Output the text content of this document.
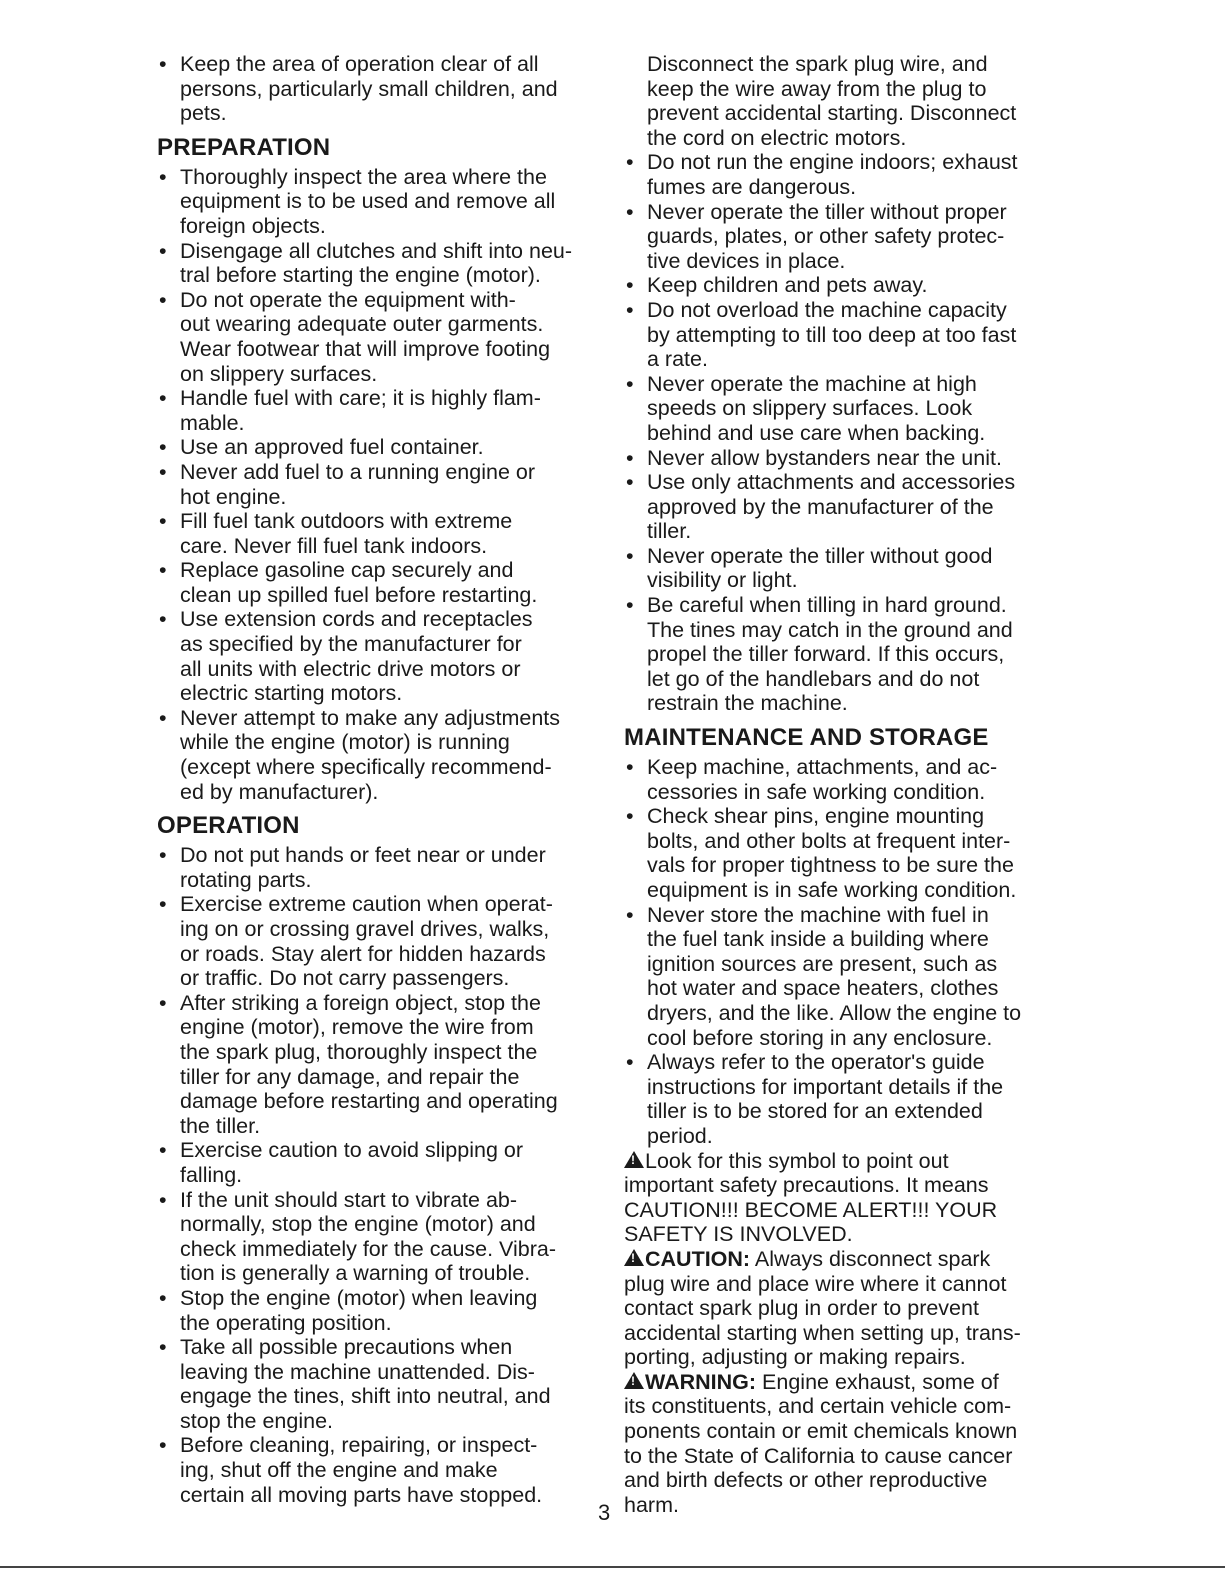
• Keep the area of operation clear of all
persons, particularly small children, and
pets.
PREPARATION
• Thoroughly inspect the area where the
equipment is to be used and remove all
foreign objects.
• Disengage all clutches and shift into neu-
tral before starting the engine (motor).
• Do not operate the equipment with-
out wearing adequate outer garments.
Wear footwear that will improve footing
on slippery surfaces.
• Handle fuel with care; it is highly flam-
mable.
• Use an approved fuel container.
• Never add fuel to a running engine or
hot engine.
• Fill fuel tank outdoors with extreme
care. Never fill fuel tank indoors.
• Replace gasoline cap securely and
clean up spilled fuel before restarting.
• Use extension cords and receptacles
as specified by the manufacturer for
all units with electric drive motors or
electric starting motors.
• Never attempt to make any adjustments
while the engine (motor) is running
(except where specifically recommend-
ed by manufacturer).
OPERATION
• Do not put hands or feet near or under
rotating parts.
• Exercise extreme caution when operat-
ing on or crossing gravel drives, walks,
or roads. Stay alert for hidden hazards
or traffic. Do not carry passengers.
• After striking a foreign object, stop the
engine (motor), remove the wire from
the spark plug, thoroughly inspect the
tiller for any damage, and repair the
damage before restarting and operating
the tiller.
• Exercise caution to avoid slipping or
falling.
• If the unit should start to vibrate ab-
normally, stop the engine (motor) and
check immediately for the cause. Vibra-
tion is generally a warning of trouble.
• Stop the engine (motor) when leaving
the operating position.
• Take all possible precautions when
leaving the machine unattended. Dis-
engage the tines, shift into neutral, and
stop the engine.
• Before cleaning, repairing, or inspect-
ing, shut off the engine and make
certain all moving parts have stopped.
Disconnect the spark plug wire, and
keep the wire away from the plug to
prevent accidental starting. Disconnect
the cord on electric motors.
• Do not run the engine indoors; exhaust
fumes are dangerous.
• Never operate the tiller without proper
guards, plates, or other safety protec-
tive devices in place.
• Keep children and pets away.
• Do not overload the machine capacity
by attempting to till too deep at too fast
a rate.
• Never operate the machine at high
speeds on slippery surfaces. Look
behind and use care when backing.
• Never allow bystanders near the unit.
• Use only attachments and accessories
approved by the manufacturer of the
tiller.
• Never operate the tiller without good
visibility or light.
• Be careful when tilling in hard ground.
The tines may catch in the ground and
propel the tiller forward. If this occurs,
let go of the handlebars and do not
restrain the machine.
MAINTENANCE AND STORAGE
• Keep machine, attachments, and ac-
cessories in safe working condition.
• Check shear pins, engine mounting
bolts, and other bolts at frequent inter-
vals for proper tightness to be sure the
equipment is in safe working condition.
• Never store the machine with fuel in
the fuel tank inside a building where
ignition sources are present, such as
hot water and space heaters, clothes
dryers, and the like. Allow the engine to
cool before storing in any enclosure.
• Always refer to the operator's guide
instructions for important details if the
tiller is to be stored for an extended
period.
!Look for this symbol to point out
important safety precautions. It means
CAUTION!!! BECOME ALERT!!! YOUR
SAFETY IS INVOLVED.
!CAUTION: Always disconnect spark
plug wire and place wire where it cannot
contact spark plug in order to prevent
accidental starting when setting up, trans-
porting, adjusting or making repairs.
!WARNING: Engine exhaust, some of
its constituents, and certain vehicle com-
ponents contain or emit chemicals known
to the State of California to cause cancer
and birth defects or other reproductive
harm.
3
